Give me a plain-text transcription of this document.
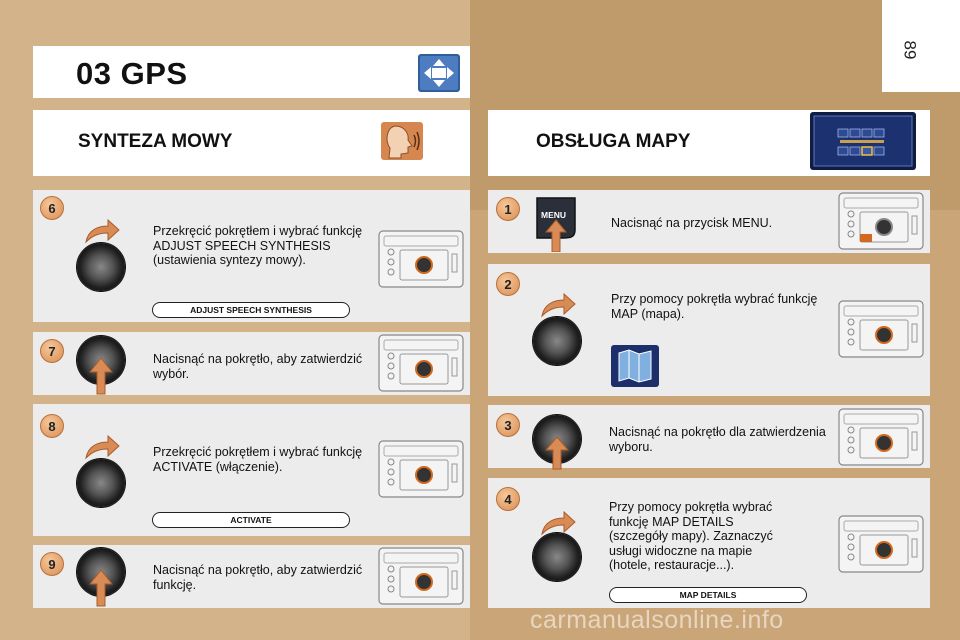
89
03 GPS
SYNTEZA MOWY	OBSŁUGA MAPY
6
7
8
9
1
2
3
4
MENU
Przekręcić pokrętłem i wybrać funkcję ADJUST SPEECH SYNTHESIS (ustawienia syntezy mowy).
Nacisnąć na pokrętło, aby zatwierdzić wybór.
Przekręcić pokrętłem i wybrać funkcję ACTIVATE (włączenie).
Nacisnąć na pokrętło, aby zatwierdzić funkcję.
Nacisnąć na przycisk MENU.
Przy pomocy pokrętła wybrać funkcję MAP (mapa).
Nacisnąć na pokrętło dla zatwierdzenia wyboru.
Przy pomocy pokrętła wybrać funkcję MAP DETAILS (szczegóły mapy). Zaznaczyć usługi widoczne na mapie (hotele, restauracje...).
ADJUST SPEECH SYNTHESIS
ACTIVATE
MAP DETAILS
carmanualsonline.info
